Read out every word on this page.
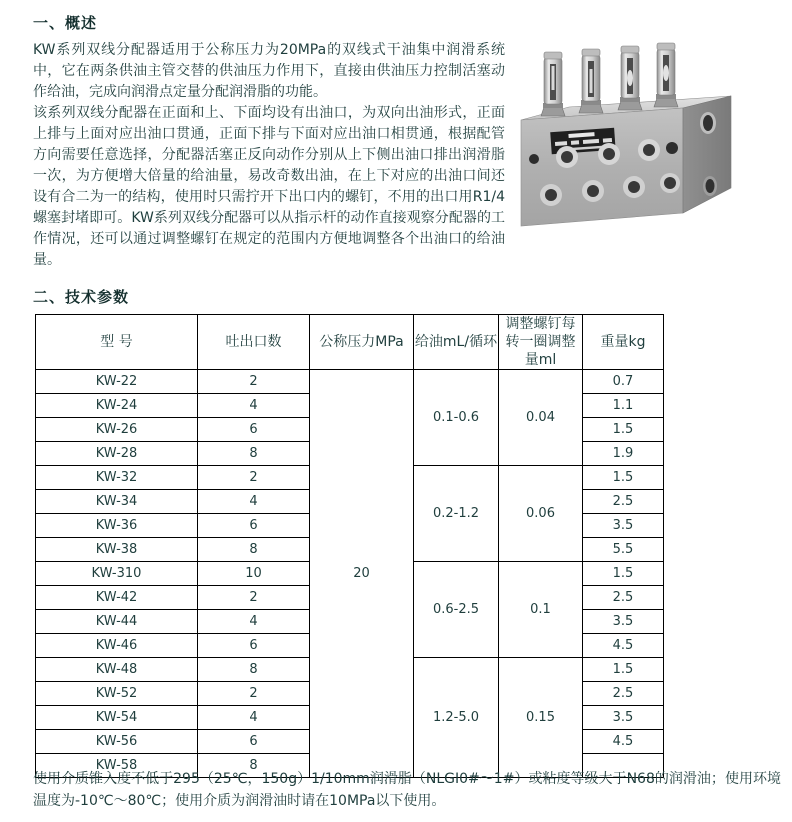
一、概述

KW系列双线分配器适用于公称压力为20MPa的双线式干油集中润滑系统中，它在两条供油主管交替的供油压力作用下，直接由供油压力控制活塞动作给油，完成向润滑点定量分配润滑脂的功能。

该系列双线分配器在正面和上、下面均设有出油口，为双向出油形式，正面上排与上面对应出油口贯通，正面下排与下面对应出油口相贯通，根据配管方向需要任意选择，分配器活塞正反向动作分别从上下侧出油口排出润滑脂一次，为方便增大倍量的给油量，易改奇数出油，在上下对应的出油口间还设有合二为一的结构，使用时只需拧开下出口内的螺钉，不用的出口用R1/4 螺塞封堵即可。KW系列双线分配器可以从指示杆的动作直接观察分配器的工作情况，还可以通过调整螺钉在规定的范围内方便地调整各个出油口的给油量。

二、技术参数
型 号	吐出口数	公称压力MPa	给油mL/循环	调整螺钉每转一圈调整量ml	重量kg
KW-22	2	20	0.1-0.6	0.04	0.7
KW-24	4				1.1
KW-26	6				1.5
KW-28	8				1.9
KW-32	2		0.2-1.2	0.06	1.5
KW-34	4				2.5
KW-36	6				3.5
KW-38	8				5.5
KW-310	10		0.6-2.5	0.1	1.5
KW-42	2				2.5
KW-44	4				3.5
KW-46	6				4.5
KW-48	8		1.2-5.0	0.15	1.5
KW-52	2				2.5
KW-54	4				3.5
KW-56	6				4.5
KW-58	8				
使用介质锥入度不低于295（25℃，150g）1/10mm润滑脂（NLGI0#～1#）或粘度等级大于N68的润滑油；使用环境温度为-10℃～80℃；使用介质为润滑油时请在10MPa以下使用。
